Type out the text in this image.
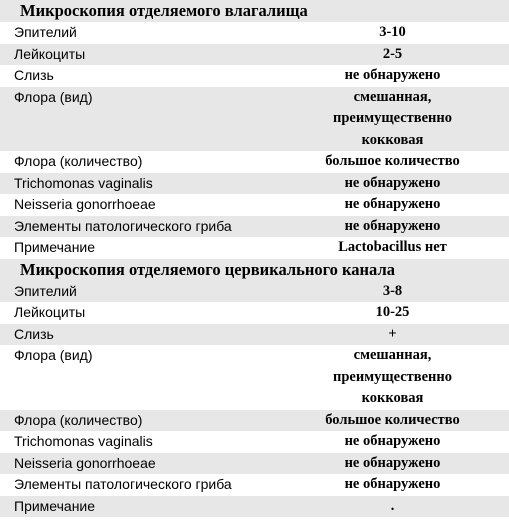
Микроскопия отделяемого влагалища
Эпителий	3-10
Лейкоциты	2-5
Слизь	не обнаружено
Флора (вид)	смешанная,
преимущественно
кокковая
Флора (количество)	большое количество
Trichomonas vaginalis	не обнаружено
Neisseria gonorrhoeae	не обнаружено
Элементы патологического гриба	не обнаружено
Примечание	Lactobacillus нет
Микроскопия отделяемого цервикального канала
Эпителий	3-8
Лейкоциты	10-25
Слизь	+
Флора (вид)	смешанная,
преимущественно
кокковая
Флора (количество)	большое количество
Trichomonas vaginalis	не обнаружено
Neisseria gonorrhoeae	не обнаружено
Элементы патологического гриба	не обнаружено
Примечание	.
